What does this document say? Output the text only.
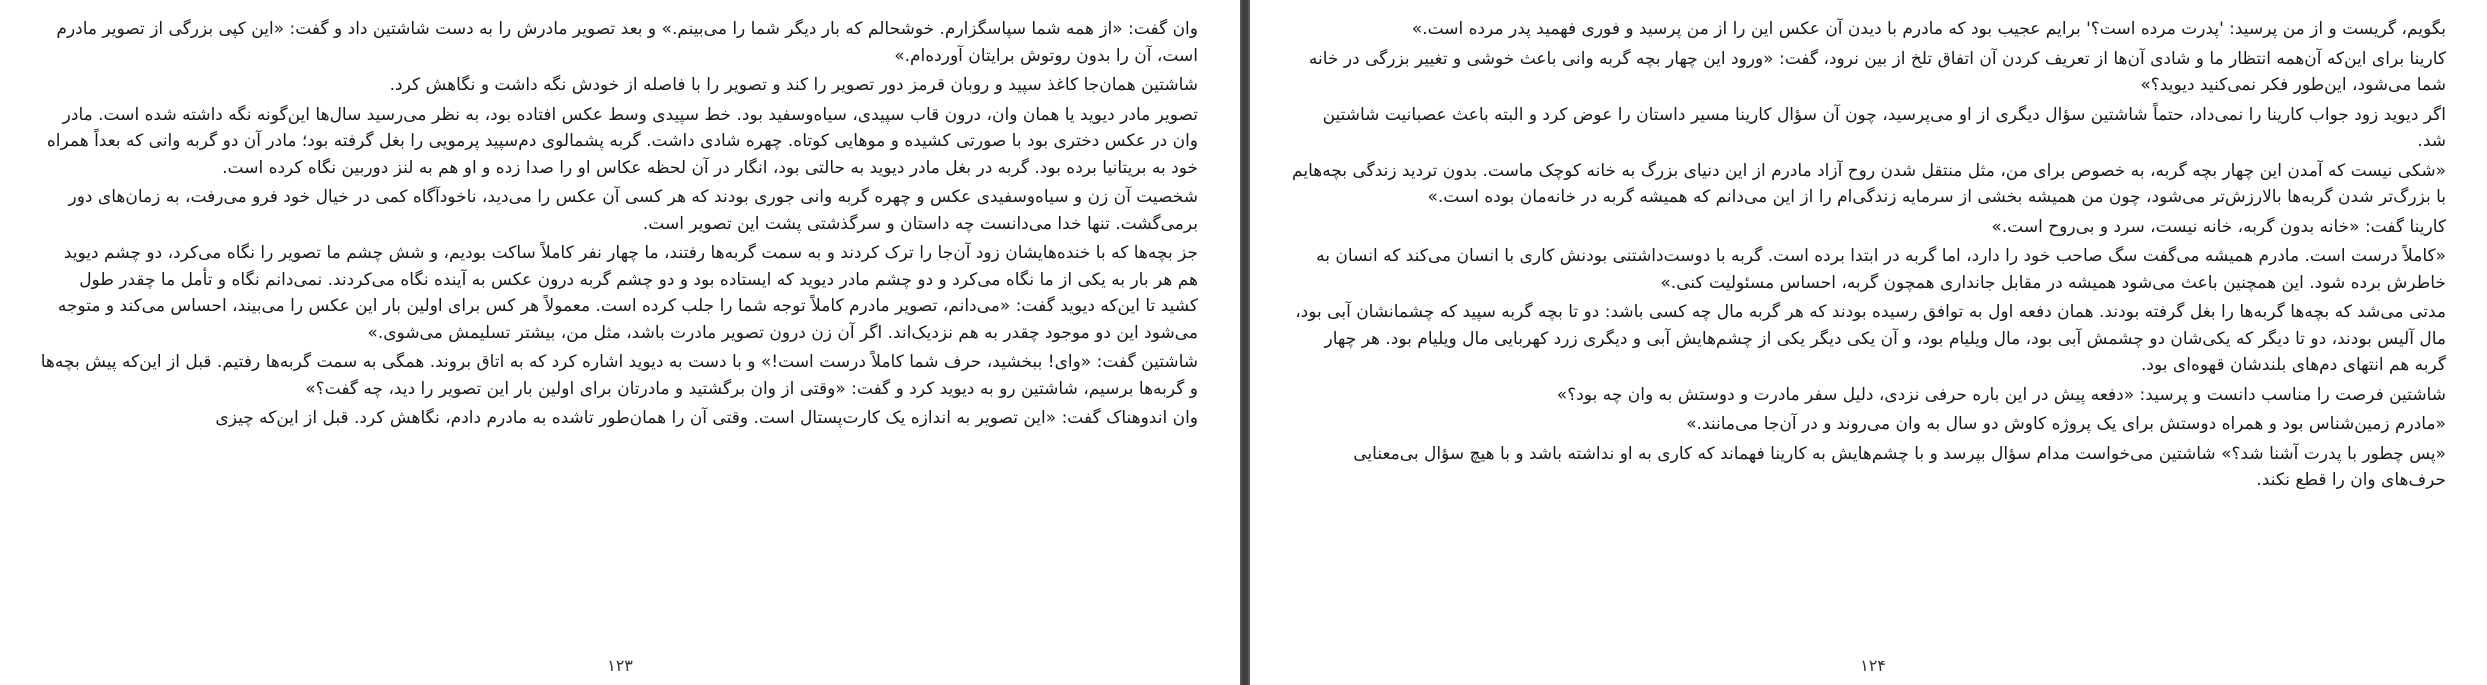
وان گفت: «از همه شما سپاسگزارم. خوشحالم که بار دیگر شما را می‌بینم.» و بعد تصویر مادرش را به دست شاشتین داد و گفت: «این کپی بزرگی از تصویر مادرم است، آن را بدون روتوش برایتان آورده‌ام.»

شاشتین همان‌جا کاغذ سپید و روبان قرمز دور تصویر را کند و تصویر را با فاصله از خودش نگه داشت و نگاهش کرد.

تصویر مادر دیوید یا همان وان، درون قاب سپیدی، سیاه‌وسفید بود. خط سپیدی وسط عکس افتاده بود، به نظر می‌رسید سال‌ها این‌گونه نگه داشته شده است. مادر وان در عکس دختری بود با صورتی کشیده و موهایی کوتاه. چهره شادی داشت. گربه پشمالوی دم‌سپید پرمویی را بغل گرفته بود؛ مادر آن دو گربه وانی که بعداً همراه خود به بریتانیا برده بود. گربه در بغل مادر دیوید به حالتی بود، انگار در آن لحظه عکاس او را صدا زده و او هم به لنز دوربین نگاه کرده است.

شخصیت آن زن و سیاه‌وسفیدی عکس و چهره گربه وانی جوری بودند که هر کسی آن عکس را می‌دید، ناخودآگاه کمی در خیال خود فرو می‌رفت، به زمان‌های دور برمی‌گشت. تنها خدا می‌دانست چه داستان و سرگذشتی پشت این تصویر است.

جز بچه‌ها که با خنده‌هایشان زود آن‌جا را ترک کردند و به سمت گربه‌ها رفتند، ما چهار نفر کاملاً ساکت بودیم، و شش چشم ما تصویر را نگاه می‌کرد، دو چشم دیوید هم هر بار به یکی از ما نگاه می‌کرد و دو چشم مادر دیوید که ایستاده بود و دو چشم گربه درون عکس به آینده نگاه می‌کردند. نمی‌دانم نگاه و تأمل ما چقدر طول کشید تا این‌که دیوید گفت: «می‌دانم، تصویر مادرم کاملاً توجه شما را جلب کرده است. معمولاً هر کس برای اولین بار این عکس را می‌بیند، احساس می‌کند و متوجه می‌شود این دو موجود چقدر به هم نزدیک‌اند. اگر آن زن درون تصویر مادرت باشد، مثل من، بیشتر تسلیمش می‌شوی.»

شاشتین گفت: «وای! ببخشید، حرف شما کاملاً درست است!» و با دست به دیوید اشاره کرد که به اتاق بروند. همگی به سمت گربه‌ها رفتیم. قبل از این‌که پیش بچه‌ها و گربه‌ها برسیم، شاشتین رو به دیوید کرد و گفت: «وقتی از وان برگشتید و مادرتان برای اولین بار این تصویر را دید، چه گفت؟»

وان اندوهناک گفت: «این تصویر به اندازه یک کارت‌پستال است. وقتی آن را همان‌طور تاشده به مادرم دادم، نگاهش کرد. قبل از این‌که چیزی

۱۲۳

بگویم، گریست و از من پرسید: 'پدرت مرده است؟' برایم عجیب بود که مادرم با دیدن آن عکس این را از من پرسید و فوری فهمید پدر مرده است.»

کارینا برای این‌که آن‌همه انتظار ما و شادی آن‌ها از تعریف کردن آن اتفاق تلخ از بین نرود، گفت: «ورود این چهار بچه گربه وانی باعث خوشی و تغییر بزرگی در خانه شما می‌شود، این‌طور فکر نمی‌کنید دیوید؟»

اگر دیوید زود جواب کارینا را نمی‌داد، حتماً شاشتین سؤال دیگری از او می‌پرسید، چون آن سؤال کارینا مسیر داستان را عوض کرد و البته باعث عصبانیت شاشتین شد.

«شکی نیست که آمدن این چهار بچه گربه، به خصوص برای من، مثل منتقل شدن روح آزاد مادرم از این دنیای بزرگ به خانه کوچک ماست. بدون تردید زندگی بچه‌هایم با بزرگ‌تر شدن گربه‌ها بالارزش‌تر می‌شود، چون من همیشه بخشی از سرمایه زندگی‌ام را از این می‌دانم که همیشه گربه در خانه‌مان بوده است.»

کارینا گفت: «خانه بدون گربه، خانه نیست، سرد و بی‌روح است.»

«کاملاً درست است. مادرم همیشه می‌گفت سگ صاحب خود را دارد، اما گربه در ابتدا برده است. گربه با دوست‌داشتنی بودنش کاری با انسان می‌کند که انسان به خاطرش برده شود. این همچنین باعث می‌شود همیشه در مقابل جانداری همچون گربه، احساس مسئولیت کنی.»

مدتی می‌شد که بچه‌ها گربه‌ها را بغل گرفته بودند. همان دفعه اول به توافق رسیده بودند که هر گربه مال چه کسی باشد: دو تا بچه گربه سپید که چشمانشان آبی بود، مال آلیس بودند، دو تا دیگر که یکی‌شان دو چشمش آبی بود، مال ویلیام بود، و آن یکی دیگر یکی از چشم‌هایش آبی و دیگری زرد کهربایی مال ویلیام بود. هر چهار گربه هم انتهای دم‌های بلندشان قهوه‌ای بود.

شاشتین فرصت را مناسب دانست و پرسید: «دفعه پیش در این باره حرفی نزدی، دلیل سفر مادرت و دوستش به وان چه بود؟»

«مادرم زمین‌شناس بود و همراه دوستش برای یک پروژه کاوش دو سال به وان می‌روند و در آن‌جا می‌مانند.»

«پس چطور با پدرت آشنا شد؟» شاشتین می‌خواست مدام سؤال بپرسد و با چشم‌هایش به کارینا فهماند که کاری به او نداشته باشد و با هیچ سؤال بی‌معنایی حرف‌های وان را قطع نکند.

۱۲۴
